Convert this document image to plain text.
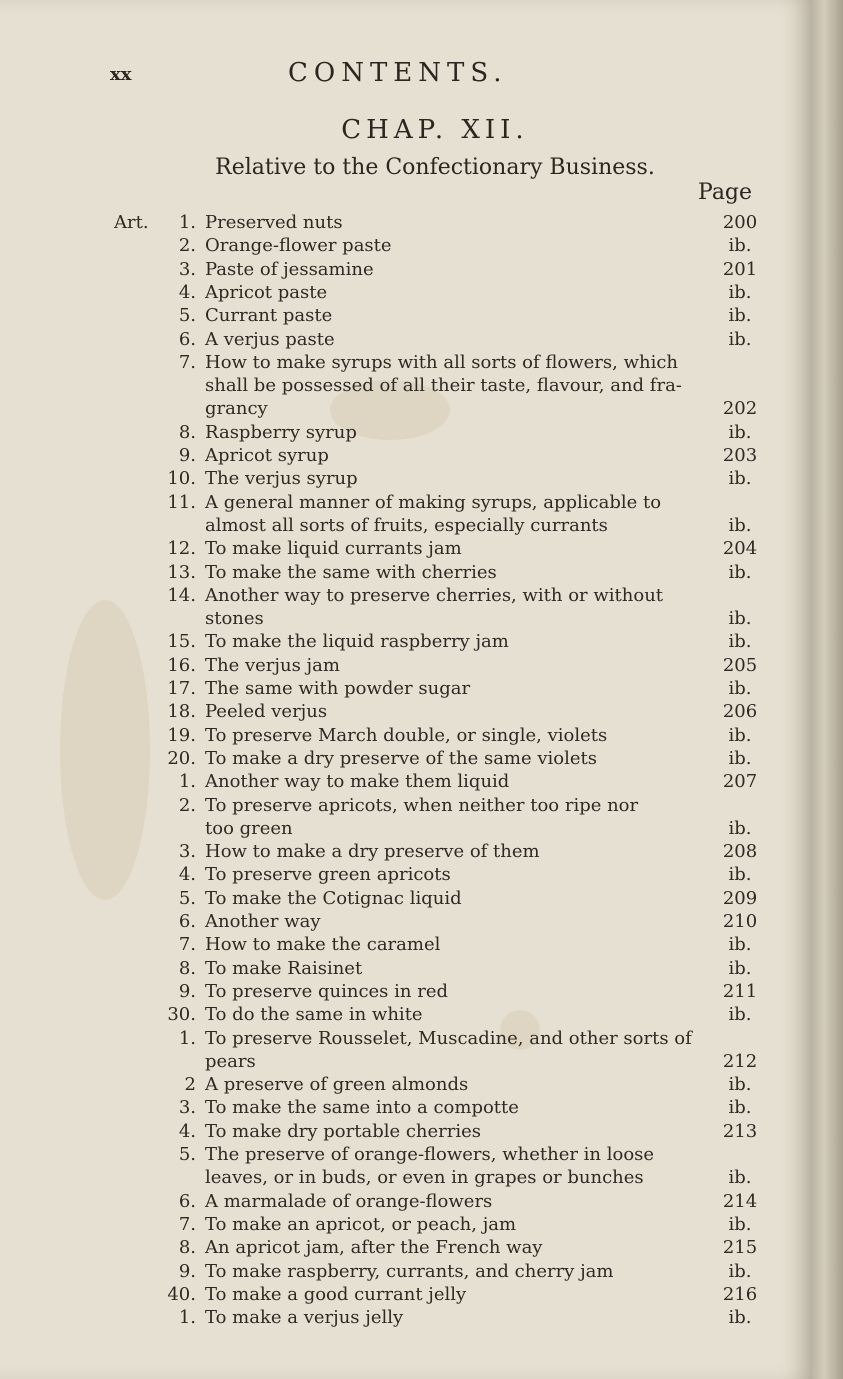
xx	CONTENTS.
CHAP. XII.
Relative to the Confectionary Business.
Page
Art.	1. Preserved nuts	200
2. Orange-flower paste	ib.
3. Paste of jessamine	201
4. Apricot paste	ib.
5. Currant paste	ib.
6. A verjus paste	ib.
7. How to make syrups with all sorts of flowers, which
shall be possessed of all their taste, flavour, and fra-
grancy	202
8. Raspberry syrup	ib.
9. Apricot syrup	203
10. The verjus syrup	ib.
11. A general manner of making syrups, applicable to
almost all sorts of fruits, especially currants	ib.
12. To make liquid currants jam	204
13. To make the same with cherries	ib.
14. Another way to preserve cherries, with or without
stones	ib.
15. To make the liquid raspberry jam	ib.
16. The verjus jam	205
17. The same with powder sugar	ib.
18. Peeled verjus	206
19. To preserve March double, or single, violets	ib.
20. To make a dry preserve of the same violets	ib.
1. Another way to make them liquid	207
2. To preserve apricots, when neither too ripe nor
too green	ib.
3. How to make a dry preserve of them	208
4. To preserve green apricots	ib.
5. To make the Cotignac liquid	209
6. Another way	210
7. How to make the caramel	ib.
8. To make Raisinet	ib.
9. To preserve quinces in red	211
30. To do the same in white	ib.
1. To preserve Rousselet, Muscadine, and other sorts of
pears	212
2 A preserve of green almonds	ib.
3. To make the same into a compotte	ib.
4. To make dry portable cherries	213
5. The preserve of orange-flowers, whether in loose
leaves, or in buds, or even in grapes or bunches	ib.
6. A marmalade of orange-flowers	214
7. To make an apricot, or peach, jam	ib.
8. An apricot jam, after the French way	215
9. To make raspberry, currants, and cherry jam	ib.
40. To make a good currant jelly	216
1. To make a verjus jelly	ib.
